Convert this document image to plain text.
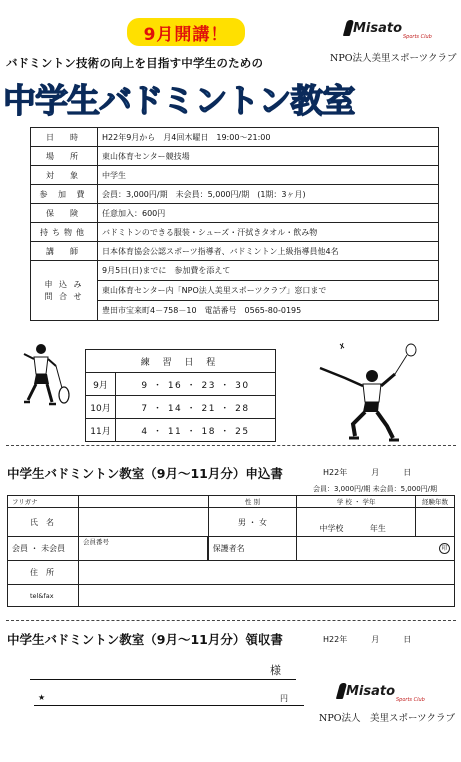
9月開講！	Misato
Sports Club
NPO法人美里スポーツクラブ
バドミントン技術の向上を目指す中学生のための
中学生バドミントン教室
日　時	H22年9月から　月4回木曜日　19:00～21:00
場　所	東山体育センター競技場
対　象	中学生
参 加 費	会員：3,000円/期　未会員：5,000円/期　(1期：3ヶ月)
保　険	任意加入：600円
持ち物他	バドミトンのできる服装・シューズ・汗拭きタオル・飲み物
講　師	日本体育協会公認スポーツ指導者、バドミントン上級指導員他4名
申 込 み
問 合 せ	9月5日(日)までに　参加費を添えて
	東山体育センター内「NPO法人美里スポーツクラブ」窓口まで
	豊田市宝来町4－758－10　電話番号　0565-80-0195
練 習 日 程	
9月	9 ・ 16 ・ 23 ・ 30
10月	7 ・ 14 ・ 21 ・ 28
11月	4 ・ 11 ・ 18 ・ 25
中学生バドミントン教室（9月～11月分）申込書	H22年　　　月　　　日
会員：3,000円/期 未会員：5,000円/期
フリガナ		性 別	学 校 ・ 学年	経験年数
氏　名		男 ・ 女	中学校 年生	
会員 ・ 未会員	会員番号		保護者名	印	
住　所				
tel&fax				
中学生バドミントン教室（9月～11月分）領収書	H22年　　　月　　　日
様
★	円	Misato
Sports Club
NPO法人　美里スポーツクラブ
